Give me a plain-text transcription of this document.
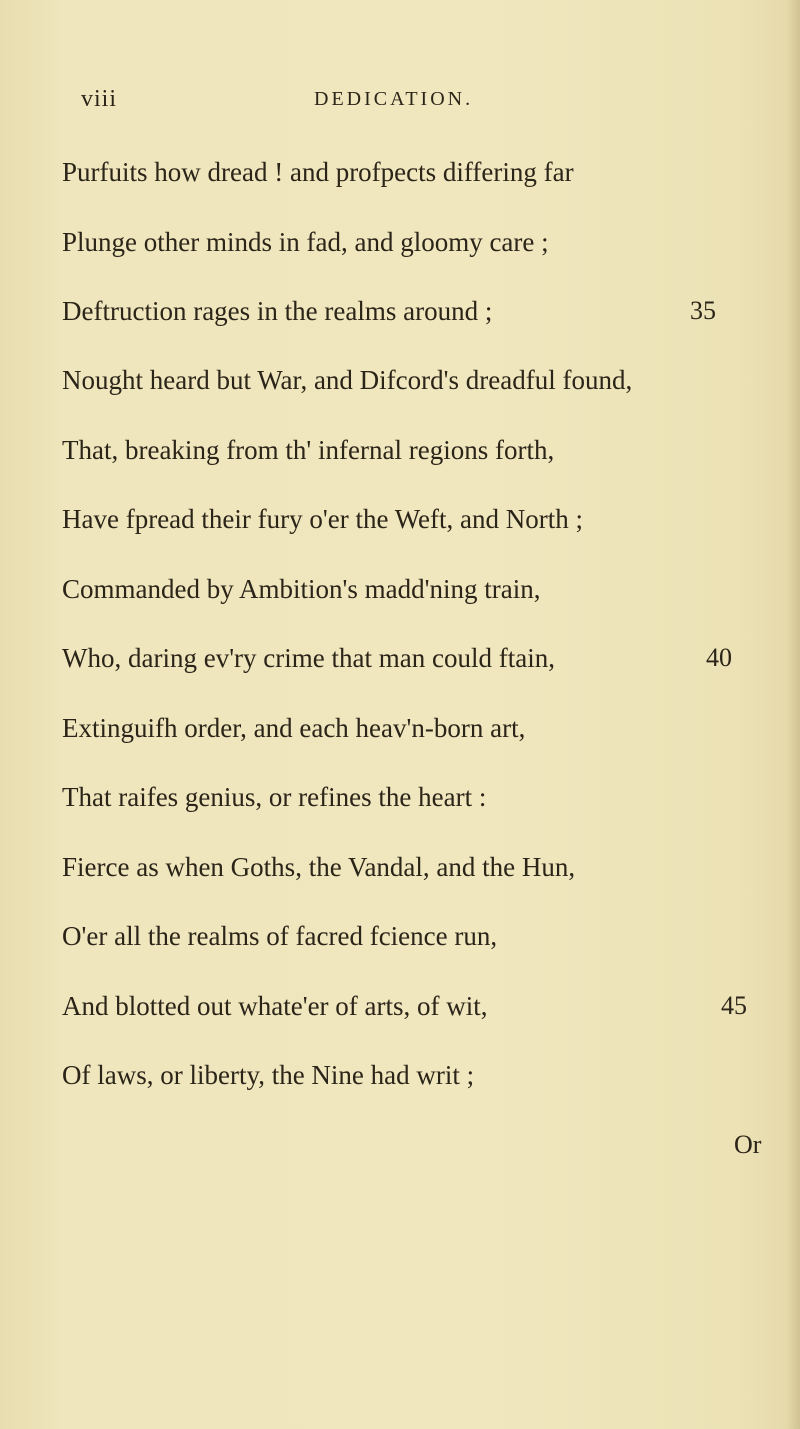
viii	DEDICATION.
Purfuits how dread ! and profpects differing far
Plunge other minds in fad, and gloomy care ;
Deftruction rages in the realms around ;	35
Nought heard but War, and Difcord's dreadful found,
That, breaking from th' infernal regions forth,
Have fpread their fury o'er the Weft, and North ;
Commanded by Ambition's madd'ning train,
Who, daring ev'ry crime that man could ftain,	40
Extinguifh order, and each heav'n-born art,
That raifes genius, or refines the heart :
Fierce as when Goths, the Vandal, and the Hun,
O'er all the realms of facred fcience run,
And blotted out whate'er of arts, of wit,	45
Of laws, or liberty, the Nine had writ ;
Or
